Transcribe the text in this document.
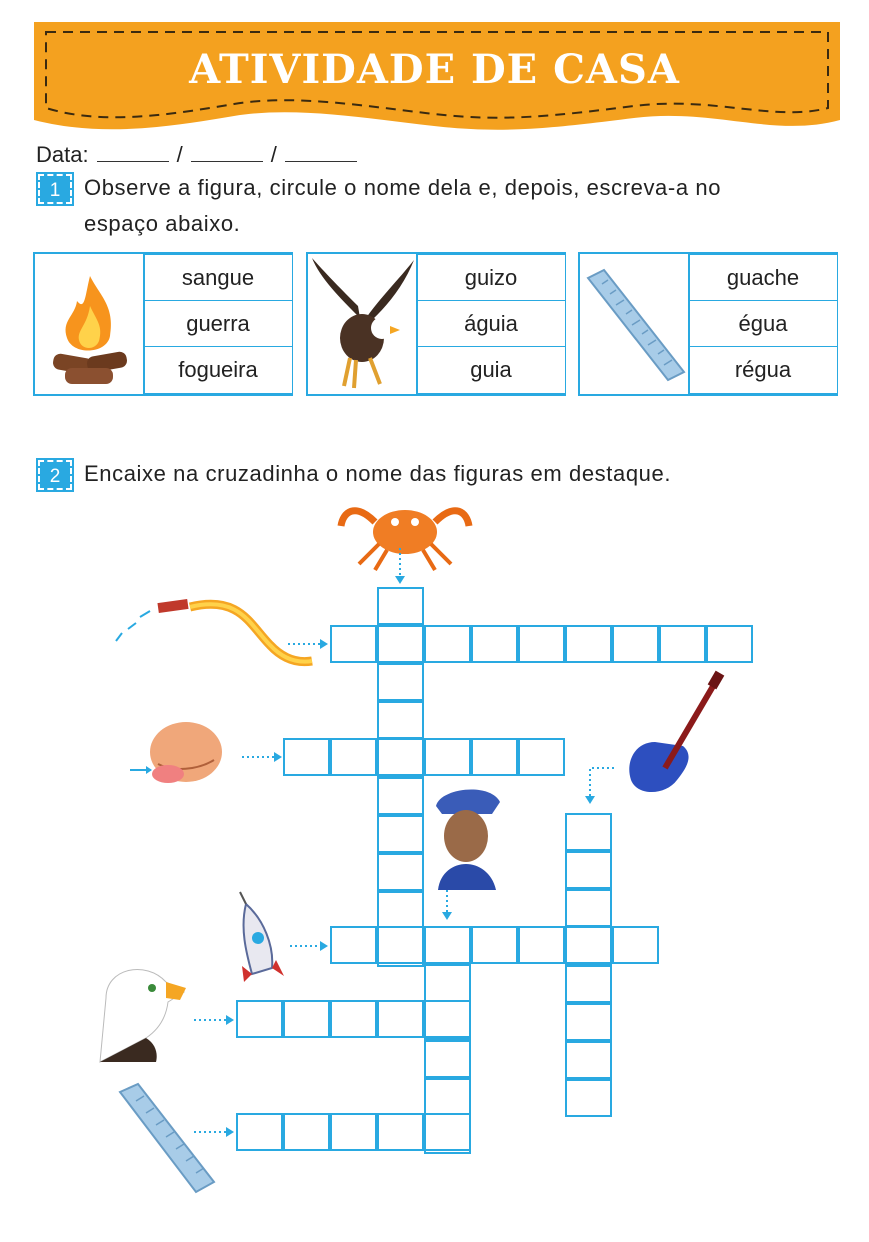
ATIVIDADE DE CASA
Data:	/	/
1	Observe a figura, circule o nome dela e, depois, escreva-a no
espaço abaixo.
sangue
guerra
fogueira
guizo
águia
guia
guache
égua
régua
2	Encaixe na cruzadinha o nome das figuras em destaque.
